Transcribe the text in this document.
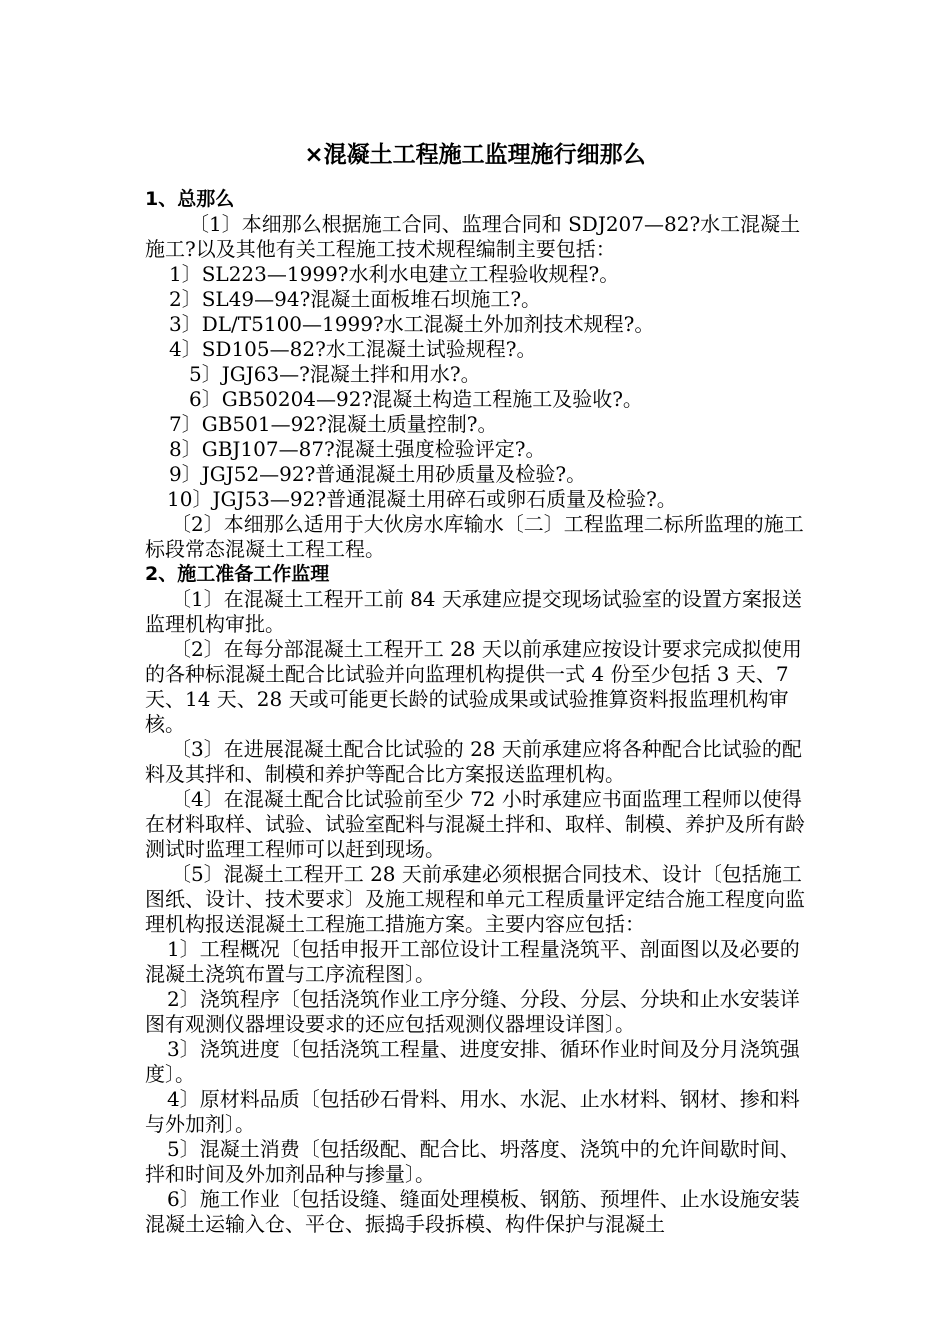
×混凝土工程施工监理施行细那么

1、总那么

〔1〕本细那么根据施工合同、监理合同和 SDJ207—82?水工混凝土施工?以及其他有关工程施工技术规程编制主要包括：

1〕SL223—1999?水利水电建立工程验收规程?。

2〕SL49—94?混凝土面板堆石坝施工?。

3〕DL/T5100—1999?水工混凝土外加剂技术规程?。

4〕SD105—82?水工混凝土试验规程?。

5〕JGJ63—?混凝土拌和用水?。

6〕GB50204—92?混凝土构造工程施工及验收?。

7〕GB501—92?混凝土质量控制?。

8〕GBJ107—87?混凝土强度检验评定?。

9〕JGJ52—92?普通混凝土用砂质量及检验?。

10〕JGJ53—92?普通混凝土用碎石或卵石质量及检验?。

〔2〕本细那么适用于大伙房水库输水〔二〕工程监理二标所监理的施工标段常态混凝土工程工程。

2、施工准备工作监理

〔1〕在混凝土工程开工前 84 天承建应提交现场试验室的设置方案报送监理机构审批。

〔2〕在每分部混凝土工程开工 28 天以前承建应按设计要求完成拟使用的各种标混凝土配合比试验并向监理机构提供一式 4 份至少包括 3 天、7 天、14 天、28 天或可能更长龄的试验成果或试验推算资料报监理机构审核。

〔3〕在进展混凝土配合比试验的 28 天前承建应将各种配合比试验的配料及其拌和、制模和养护等配合比方案报送监理机构。

〔4〕在混凝土配合比试验前至少 72 小时承建应书面监理工程师以使得在材料取样、试验、试验室配料与混凝土拌和、取样、制模、养护及所有龄测试时监理工程师可以赶到现场。

〔5〕混凝土工程开工 28 天前承建必须根据合同技术、设计〔包括施工图纸、设计、技术要求〕及施工规程和单元工程质量评定结合施工程度向监理机构报送混凝土工程施工措施方案。主要内容应包括：

1〕工程概况〔包括申报开工部位设计工程量浇筑平、剖面图以及必要的混凝土浇筑布置与工序流程图〕。

2〕浇筑程序〔包括浇筑作业工序分缝、分段、分层、分块和止水安装详图有观测仪器埋设要求的还应包括观测仪器埋设详图〕。

3〕浇筑进度〔包括浇筑工程量、进度安排、循环作业时间及分月浇筑强度〕。

4〕原材料品质〔包括砂石骨料、用水、水泥、止水材料、钢材、掺和料与外加剂〕。

5〕混凝土消费〔包括级配、配合比、坍落度、浇筑中的允许间歇时间、拌和时间及外加剂品种与掺量〕。

6〕施工作业〔包括设缝、缝面处理模板、钢筋、预埋件、止水设施安装混凝土运输入仓、平仓、振捣手段拆模、构件保护与混凝土
